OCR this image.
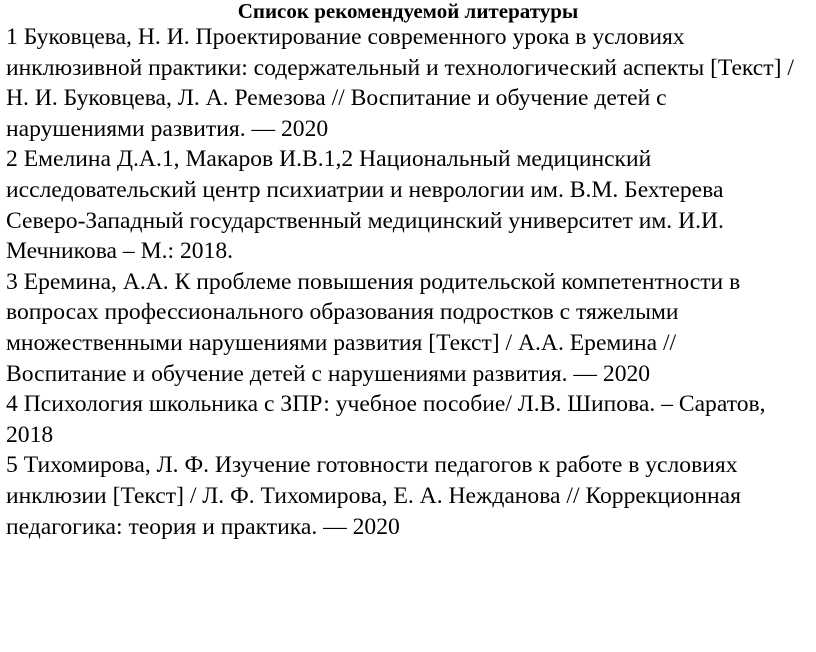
Список рекомендуемой литературы
1 Буковцева, Н. И. Проектирование современного урока в условиях инклюзивной практики: содержательный и технологический аспекты [Текст] / Н. И. Буковцева, Л. А. Ремезова // Воспитание и обучение детей с нарушениями развития. — 2020
2 Емелина Д.А.1, Макаров И.В.1,2 Национальный медицинский исследовательский центр психиатрии и неврологии им. В.М. Бехтерева Северо-Западный государственный медицинский университет им. И.И. Мечникова – М.: 2018.
3 Еремина, А.А. К проблеме повышения родительской компетентности в вопросах профессионального образования подростков с тяжелыми множественными нарушениями развития [Текст] / А.А. Еремина // Воспитание и обучение детей с нарушениями развития. — 2020
4 Психология школьника с ЗПР: учебное пособие/ Л.В. Шипова. – Саратов, 2018
5 Тихомирова, Л. Ф. Изучение готовности педагогов к работе в условиях инклюзии [Текст] / Л. Ф. Тихомирова, Е. А. Нежданова // Коррекционная педагогика: теория и практика. — 2020
